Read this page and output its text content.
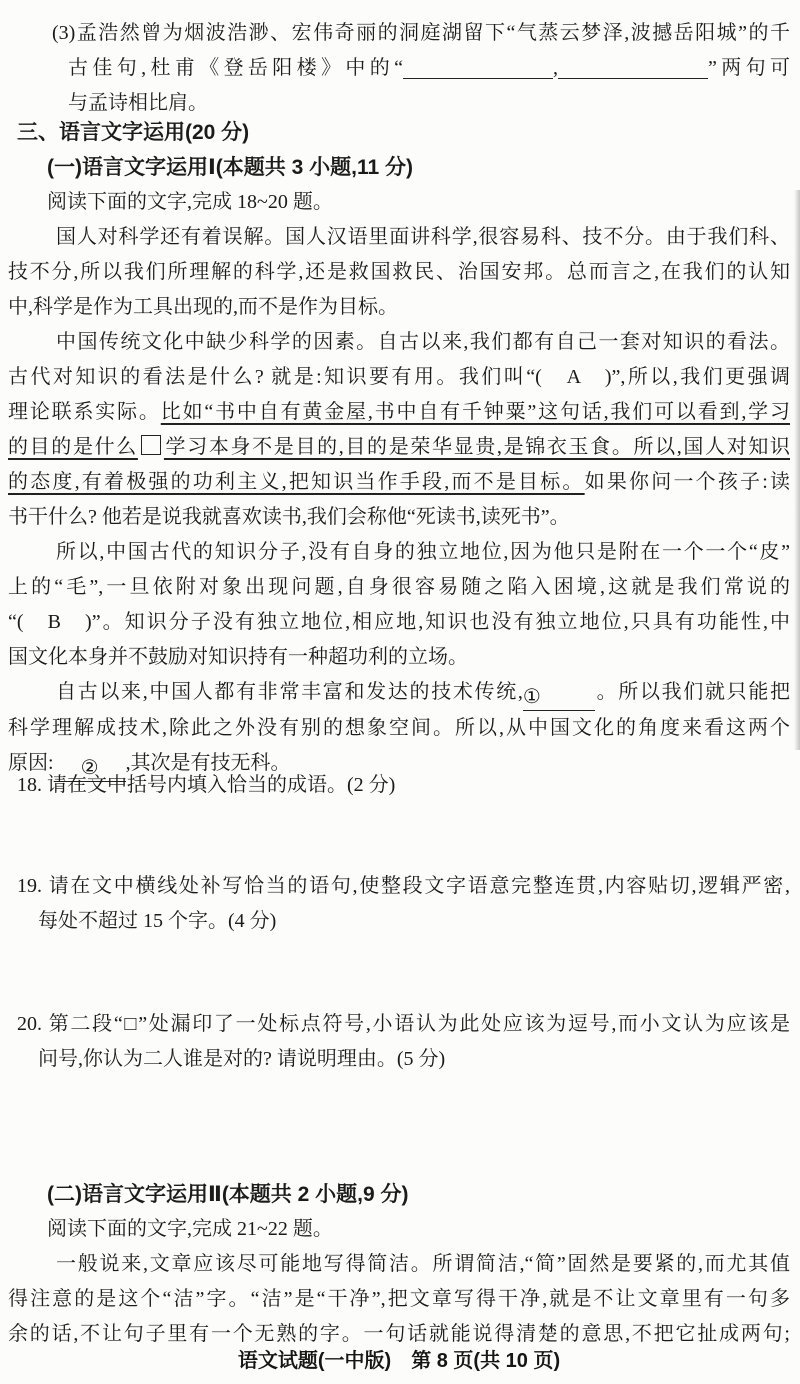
(3)孟浩然曾为烟波浩渺、宏伟奇丽的洞庭湖留下“气蒸云梦泽,波撼岳阳城”的千
古佳句,杜甫《登岳阳楼》中的“	,	”两句可
与孟诗相比肩。
三、语言文字运用(20 分)
(一)语言文字运用Ⅰ(本题共 3 小题,11 分)
阅读下面的文字,完成 18~20 题。
国人对科学还有着误解。国人汉语里面讲科学,很容易科、技不分。由于我们科、
技不分,所以我们所理解的科学,还是救国救民、治国安邦。总而言之,在我们的认知
中,科学是作为工具出现的,而不是作为目标。
中国传统文化中缺少科学的因素。自古以来,我们都有自己一套对知识的看法。
古代对知识的看法是什么? 就是:知识要有用。我们叫“(　A　)”,所以,我们更强调
理论联系实际。比如“书中自有黄金屋,书中自有千钟粟”这句话,我们可以看到,学习
的目的是什么 学习本身不是目的,目的是荣华显贵,是锦衣玉食。所以,国人对知识
的态度,有着极强的功利主义,把知识当作手段,而不是目标。如果你问一个孩子:读
书干什么? 他若是说我就喜欢读书,我们会称他“死读书,读死书”。
所以,中国古代的知识分子,没有自身的独立地位,因为他只是附在一个一个“皮”
上的“毛”,一旦依附对象出现问题,自身很容易随之陷入困境,这就是我们常说的
“(　B　)”。知识分子没有独立地位,相应地,知识也没有独立地位,只具有功能性,中
国文化本身并不鼓励对知识持有一种超功利的立场。
自古以来,中国人都有非常丰富和发达的技术传统,①	。所以我们就只能把
科学理解成技术,除此之外没有别的想象空间。所以,从中国文化的角度来看这两个
原因: ② ,其次是有技无科。
18. 请在文中括号内填入恰当的成语。(2 分)
19. 请在文中横线处补写恰当的语句,使整段文字语意完整连贯,内容贴切,逻辑严密,
每处不超过 15 个字。(4 分)
20. 第二段“□”处漏印了一处标点符号,小语认为此处应该为逗号,而小文认为应该是
问号,你认为二人谁是对的? 请说明理由。(5 分)
(二)语言文字运用Ⅱ(本题共 2 小题,9 分)
阅读下面的文字,完成 21~22 题。
一般说来,文章应该尽可能地写得简洁。所谓简洁,“简”固然是要紧的,而尤其值
得注意的是这个“洁”字。“洁”是“干净”,把文章写得干净,就是不让文章里有一句多
余的话,不让句子里有一个无熟的字。一句话就能说得清楚的意思,不把它扯成两句;
语文试题(一中版)　第 8 页(共 10 页)
